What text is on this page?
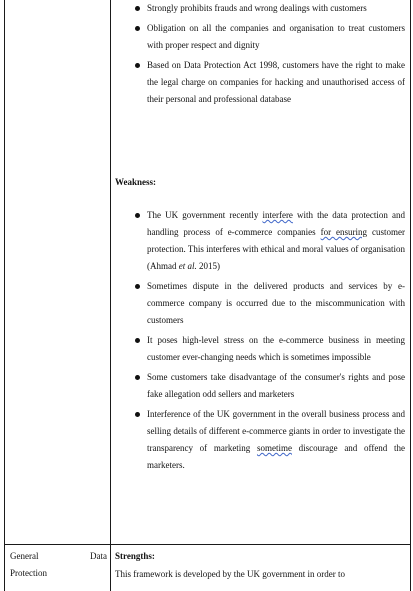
Strongly prohibits frauds and wrong dealings with customers
Obligation on all the companies and organisation to treat customers with proper respect and dignity
Based on Data Protection Act 1998, customers have the right to make the legal charge on companies for hacking and unauthorised access of their personal and professional database
Weakness:
The UK government recently interfere with the data protection and handling process of e-commerce companies for ensuring customer protection. This interferes with ethical and moral values of organisation (Ahmad et al. 2015)
Sometimes dispute in the delivered products and services by e-commerce company is occurred due to the miscommunication with customers
It poses high-level stress on the e-commerce business in meeting customer ever-changing needs which is sometimes impossible
Some customers take disadvantage of the consumer's rights and pose fake allegation odd sellers and marketers
Interference of the UK government in the overall business process and selling details of different e-commerce giants in order to investigate the transparency of marketing sometime discourage and offend the marketers.
Strengths:
This framework is developed by the UK government in order to
General	Data
Protection
